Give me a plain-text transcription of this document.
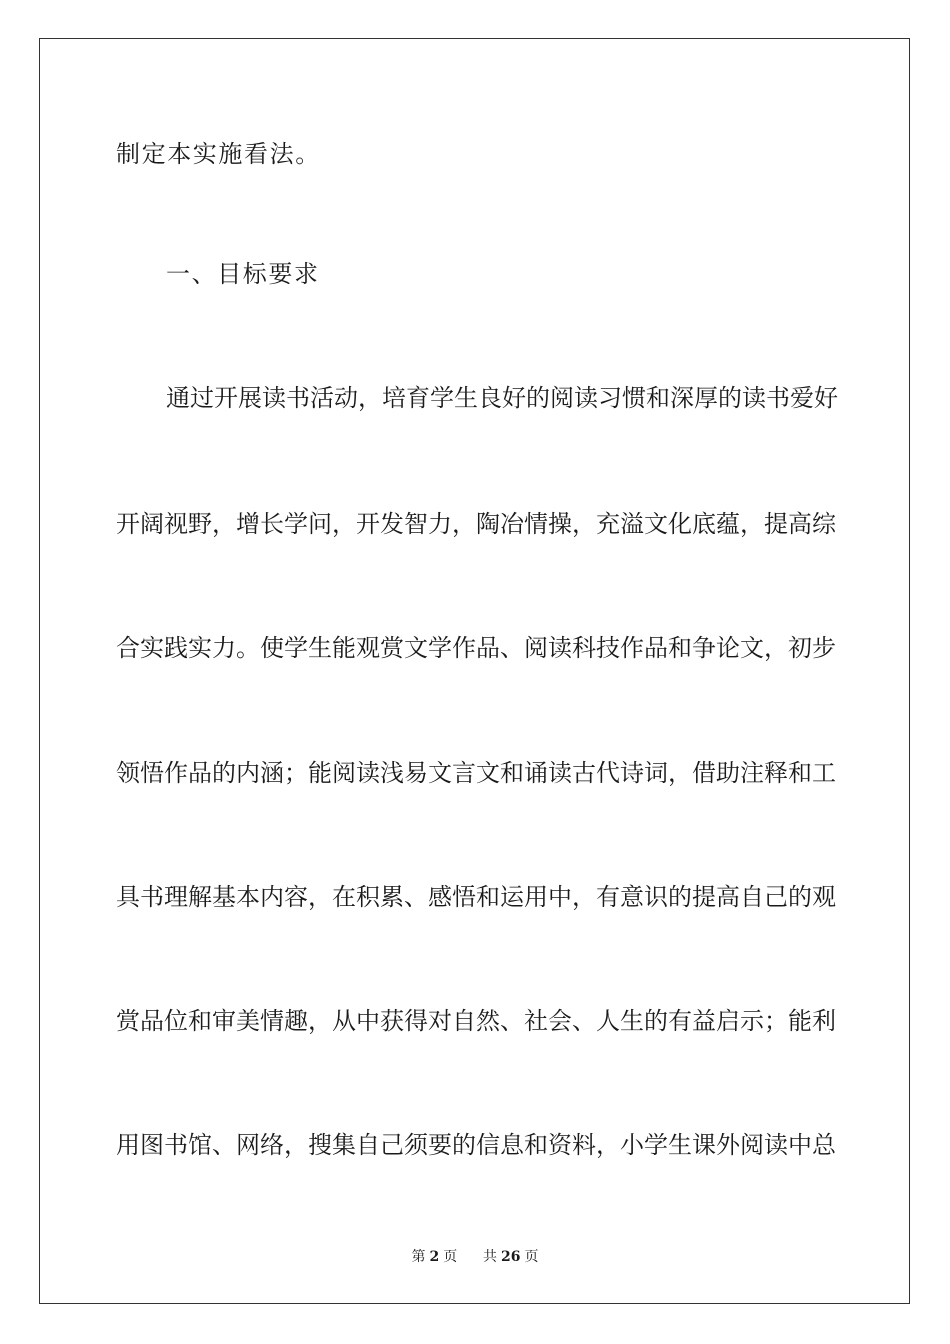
制定本实施看法。
一、目标要求
通过开展读书活动，培育学生良好的阅读习惯和深厚的读书爱好
开阔视野，增长学问，开发智力，陶冶情操，充溢文化底蕴，提高综
合实践实力。使学生能观赏文学作品、阅读科技作品和争论文，初步
领悟作品的内涵；能阅读浅易文言文和诵读古代诗词，借助注释和工
具书理解基本内容，在积累、感悟和运用中，有意识的提高自己的观
赏品位和审美情趣，从中获得对自然、社会、人生的有益启示；能利
用图书馆、网络，搜集自己须要的信息和资料，小学生课外阅读中总
第 2 页 共 26 页
